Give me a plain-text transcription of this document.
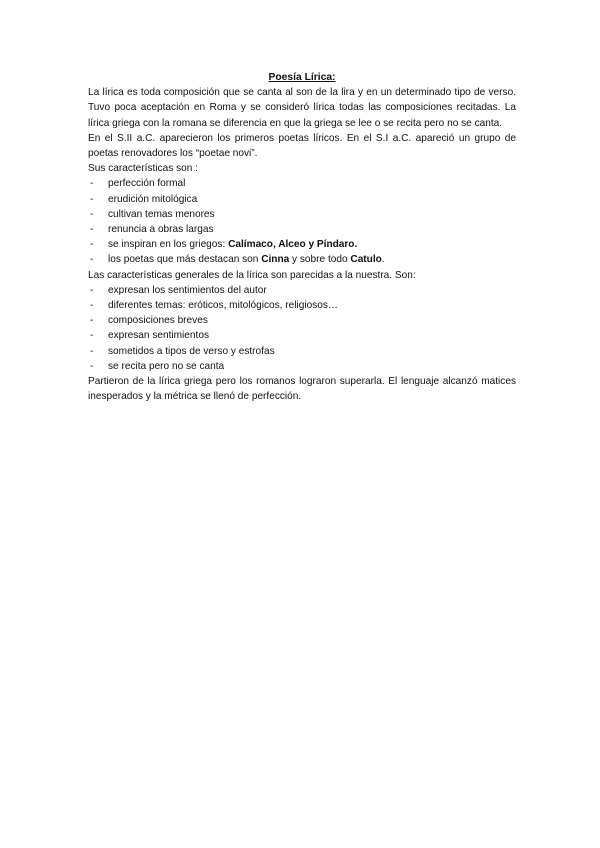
Poesía Lírica:

La lírica es toda composición que se canta al son de la lira y en un determinado tipo de verso. Tuvo poca aceptación en Roma y se consideró lírica todas las composiciones recitadas. La lírica griega con la romana se diferencia en que la griega se lee o se recita pero no se canta.

En el S.II a.C. aparecieron los primeros poetas líricos. En el S.I a.C. apareció un grupo de poetas renovadores los “poetae novi”.

Sus características son :

-	perfección formal
-	erudición mitológica
-	cultivan temas menores
-	renuncia a obras largas
-	se inspiran en los griegos: Calímaco, Alceo y Píndaro.
-	los poetas que más destacan son Cinna y sobre todo Catulo.

Las características generales de la lírica son parecidas a la nuestra. Son:

-	expresan los sentimientos del autor
-	diferentes temas: eróticos, mitológicos, religiosos…
-	composiciones breves
-	expresan sentimientos
-	sometidos a tipos de verso y estrofas
-	se recita pero no se canta

Partieron de la lírica griega pero los romanos lograron superarla. El lenguaje alcanzó matices inesperados y la métrica se llenó de perfección.
